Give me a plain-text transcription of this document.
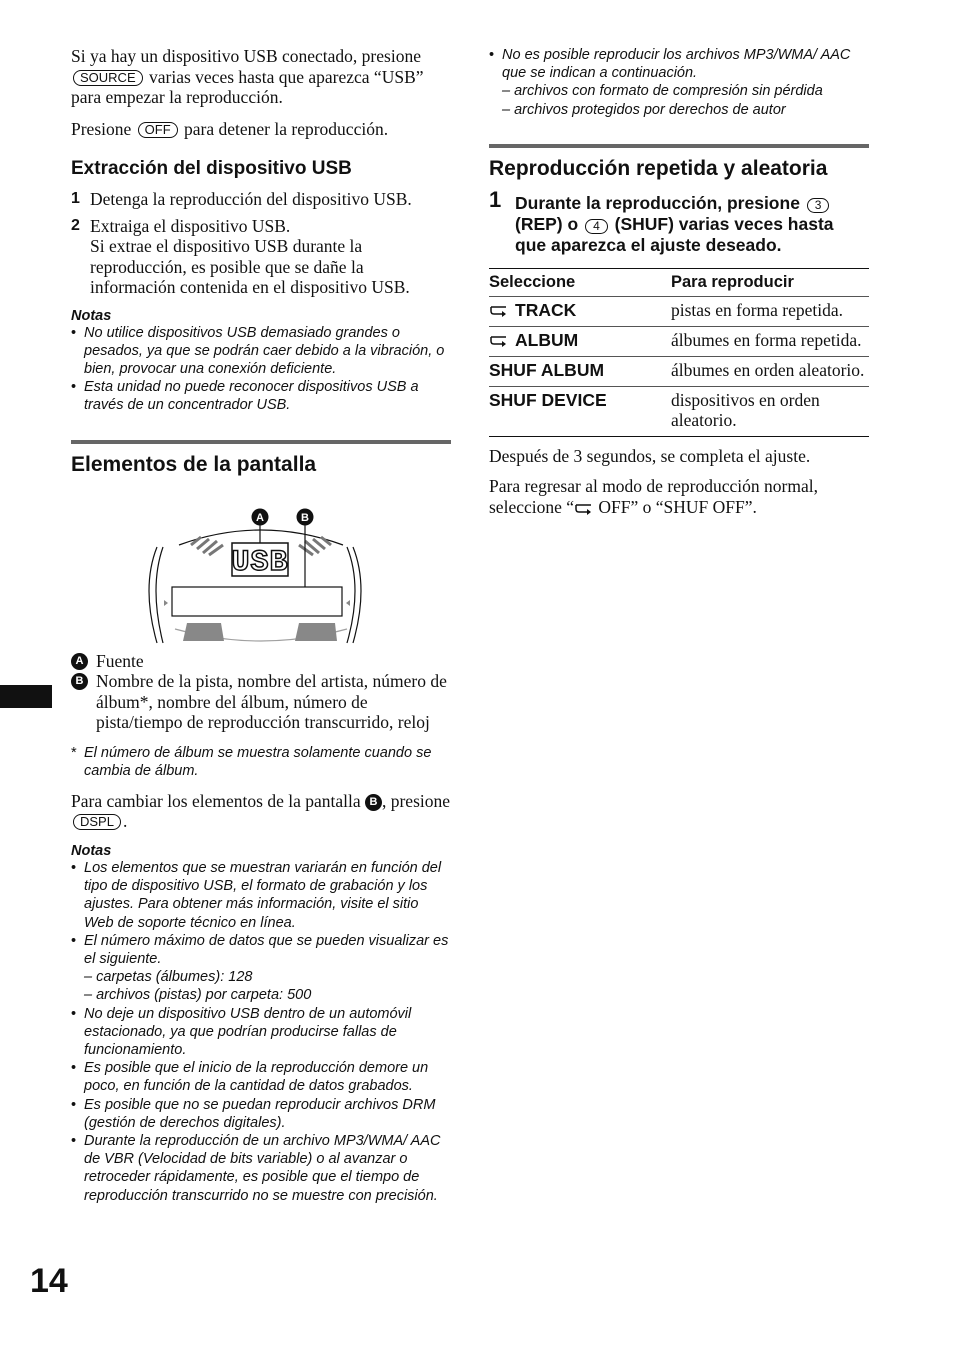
Si ya hay un dispositivo USB conectado, presione SOURCE varias veces hasta que aparezca “USB” para empezar la reproducción.

Presione OFF para detener la reproducción.

Extracción del dispositivo USB
1 Detenga la reproducción del dispositivo USB.
2 Extraiga el dispositivo USB.
Si extrae el dispositivo USB durante la reproducción, es posible que se dañe la información contenida en el dispositivo USB.
Notas
• No utilice dispositivos USB demasiado grandes o pesados, ya que se podrán caer debido a la vibración, o bien, provocar una conexión deficiente.
• Esta unidad no puede reconocer dispositivos USB a través de un concentrador USB.
Elementos de la pantalla
USB
A	B
A Fuente
B Nombre de la pista, nombre del artista, número de álbum*, nombre del álbum, número de pista/tiempo de reproducción transcurrido, reloj
* El número de álbum se muestra solamente cuando se cambia de álbum.

Para cambiar los elementos de la pantalla B , presione DSPL .

Notas
• Los elementos que se muestran variarán en función del tipo de dispositivo USB, el formato de grabación y los ajustes. Para obtener más información, visite el sitio Web de soporte técnico en línea.
• El número máximo de datos que se pueden visualizar es el siguiente.
– carpetas (álbumes): 128
– archivos (pistas) por carpeta: 500
• No deje un dispositivo USB dentro de un automóvil estacionado, ya que podrían producirse fallas de funcionamiento.
• Es posible que el inicio de la reproducción demore un poco, en función de la cantidad de datos grabados.
• Es posible que no se puedan reproducir archivos DRM (gestión de derechos digitales).
• Durante la reproducción de un archivo MP3/WMA/ AAC de VBR (Velocidad de bits variable) o al avanzar o retroceder rápidamente, es posible que el tiempo de reproducción transcurrido no se muestre con precisión.
• No es posible reproducir los archivos MP3/WMA/ AAC que se indican a continuación.
– archivos con formato de compresión sin pérdida
– archivos protegidos por derechos de autor
Reproducción repetida y aleatoria
1 Durante la reproducción, presione 3 (REP) o 4 (SHUF) varias veces hasta que aparezca el ajuste deseado.
Seleccione	Para reproducir
TRACK	pistas en forma repetida.
ALBUM	álbumes en forma repetida.
SHUF ALBUM	álbumes en orden aleatorio.
SHUF DEVICE	dispositivos en orden aleatorio.

Después de 3 segundos, se completa el ajuste.

Para regresar al modo de reproducción normal, seleccione “ OFF” o “SHUF OFF”.

14
